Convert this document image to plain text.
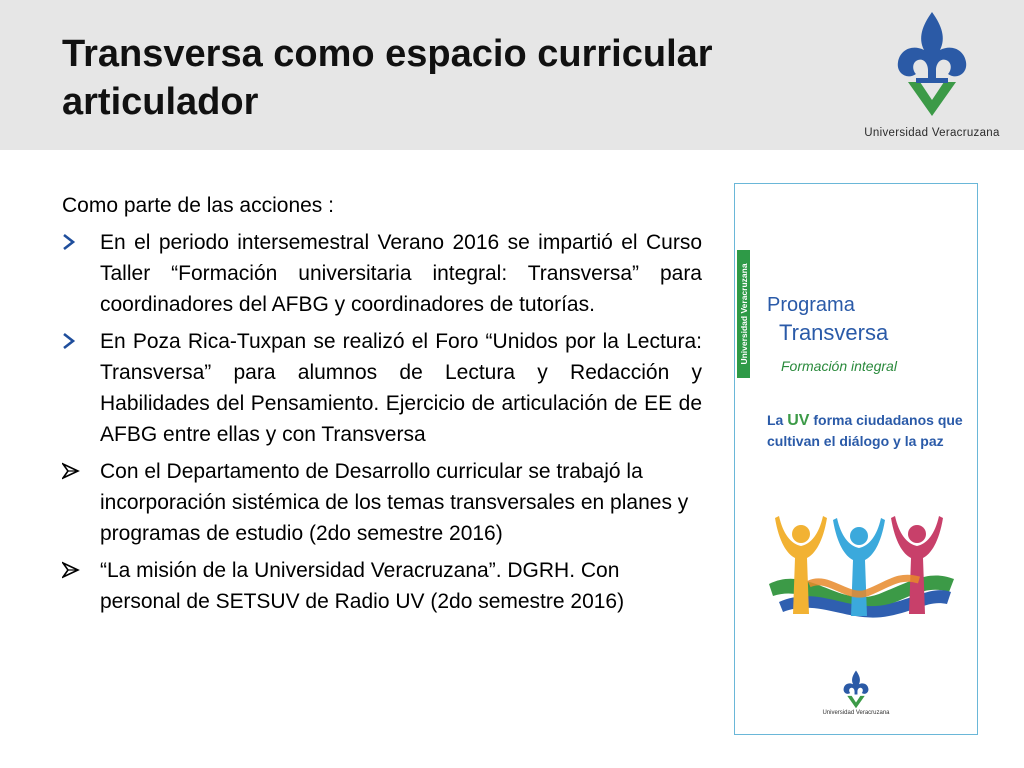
Transversa como espacio curricular articulador
Universidad Veracruzana

Como parte de las acciones :

En el periodo intersemestral Verano 2016 se impartió el Curso Taller “Formación universitaria integral: Transversa” para coordinadores del AFBG y coordinadores de tutorías.
En Poza Rica-Tuxpan se realizó el Foro “Unidos por la Lectura: Transversa” para alumnos de Lectura y Redacción y Habilidades del Pensamiento. Ejercicio de articulación de EE de AFBG entre ellas y con Transversa
Con el Departamento de Desarrollo curricular se trabajó la incorporación sistémica de los temas transversales en planes y programas de estudio (2do semestre 2016)
“La misión de la Universidad Veracruzana”. DGRH. Con personal de SETSUV de Radio UV (2do semestre 2016)
Universidad Veracruzana Programa
Transversa
Formación integral
La UV forma ciudadanos que cultivan el diálogo y la paz
Universidad Veracruzana
